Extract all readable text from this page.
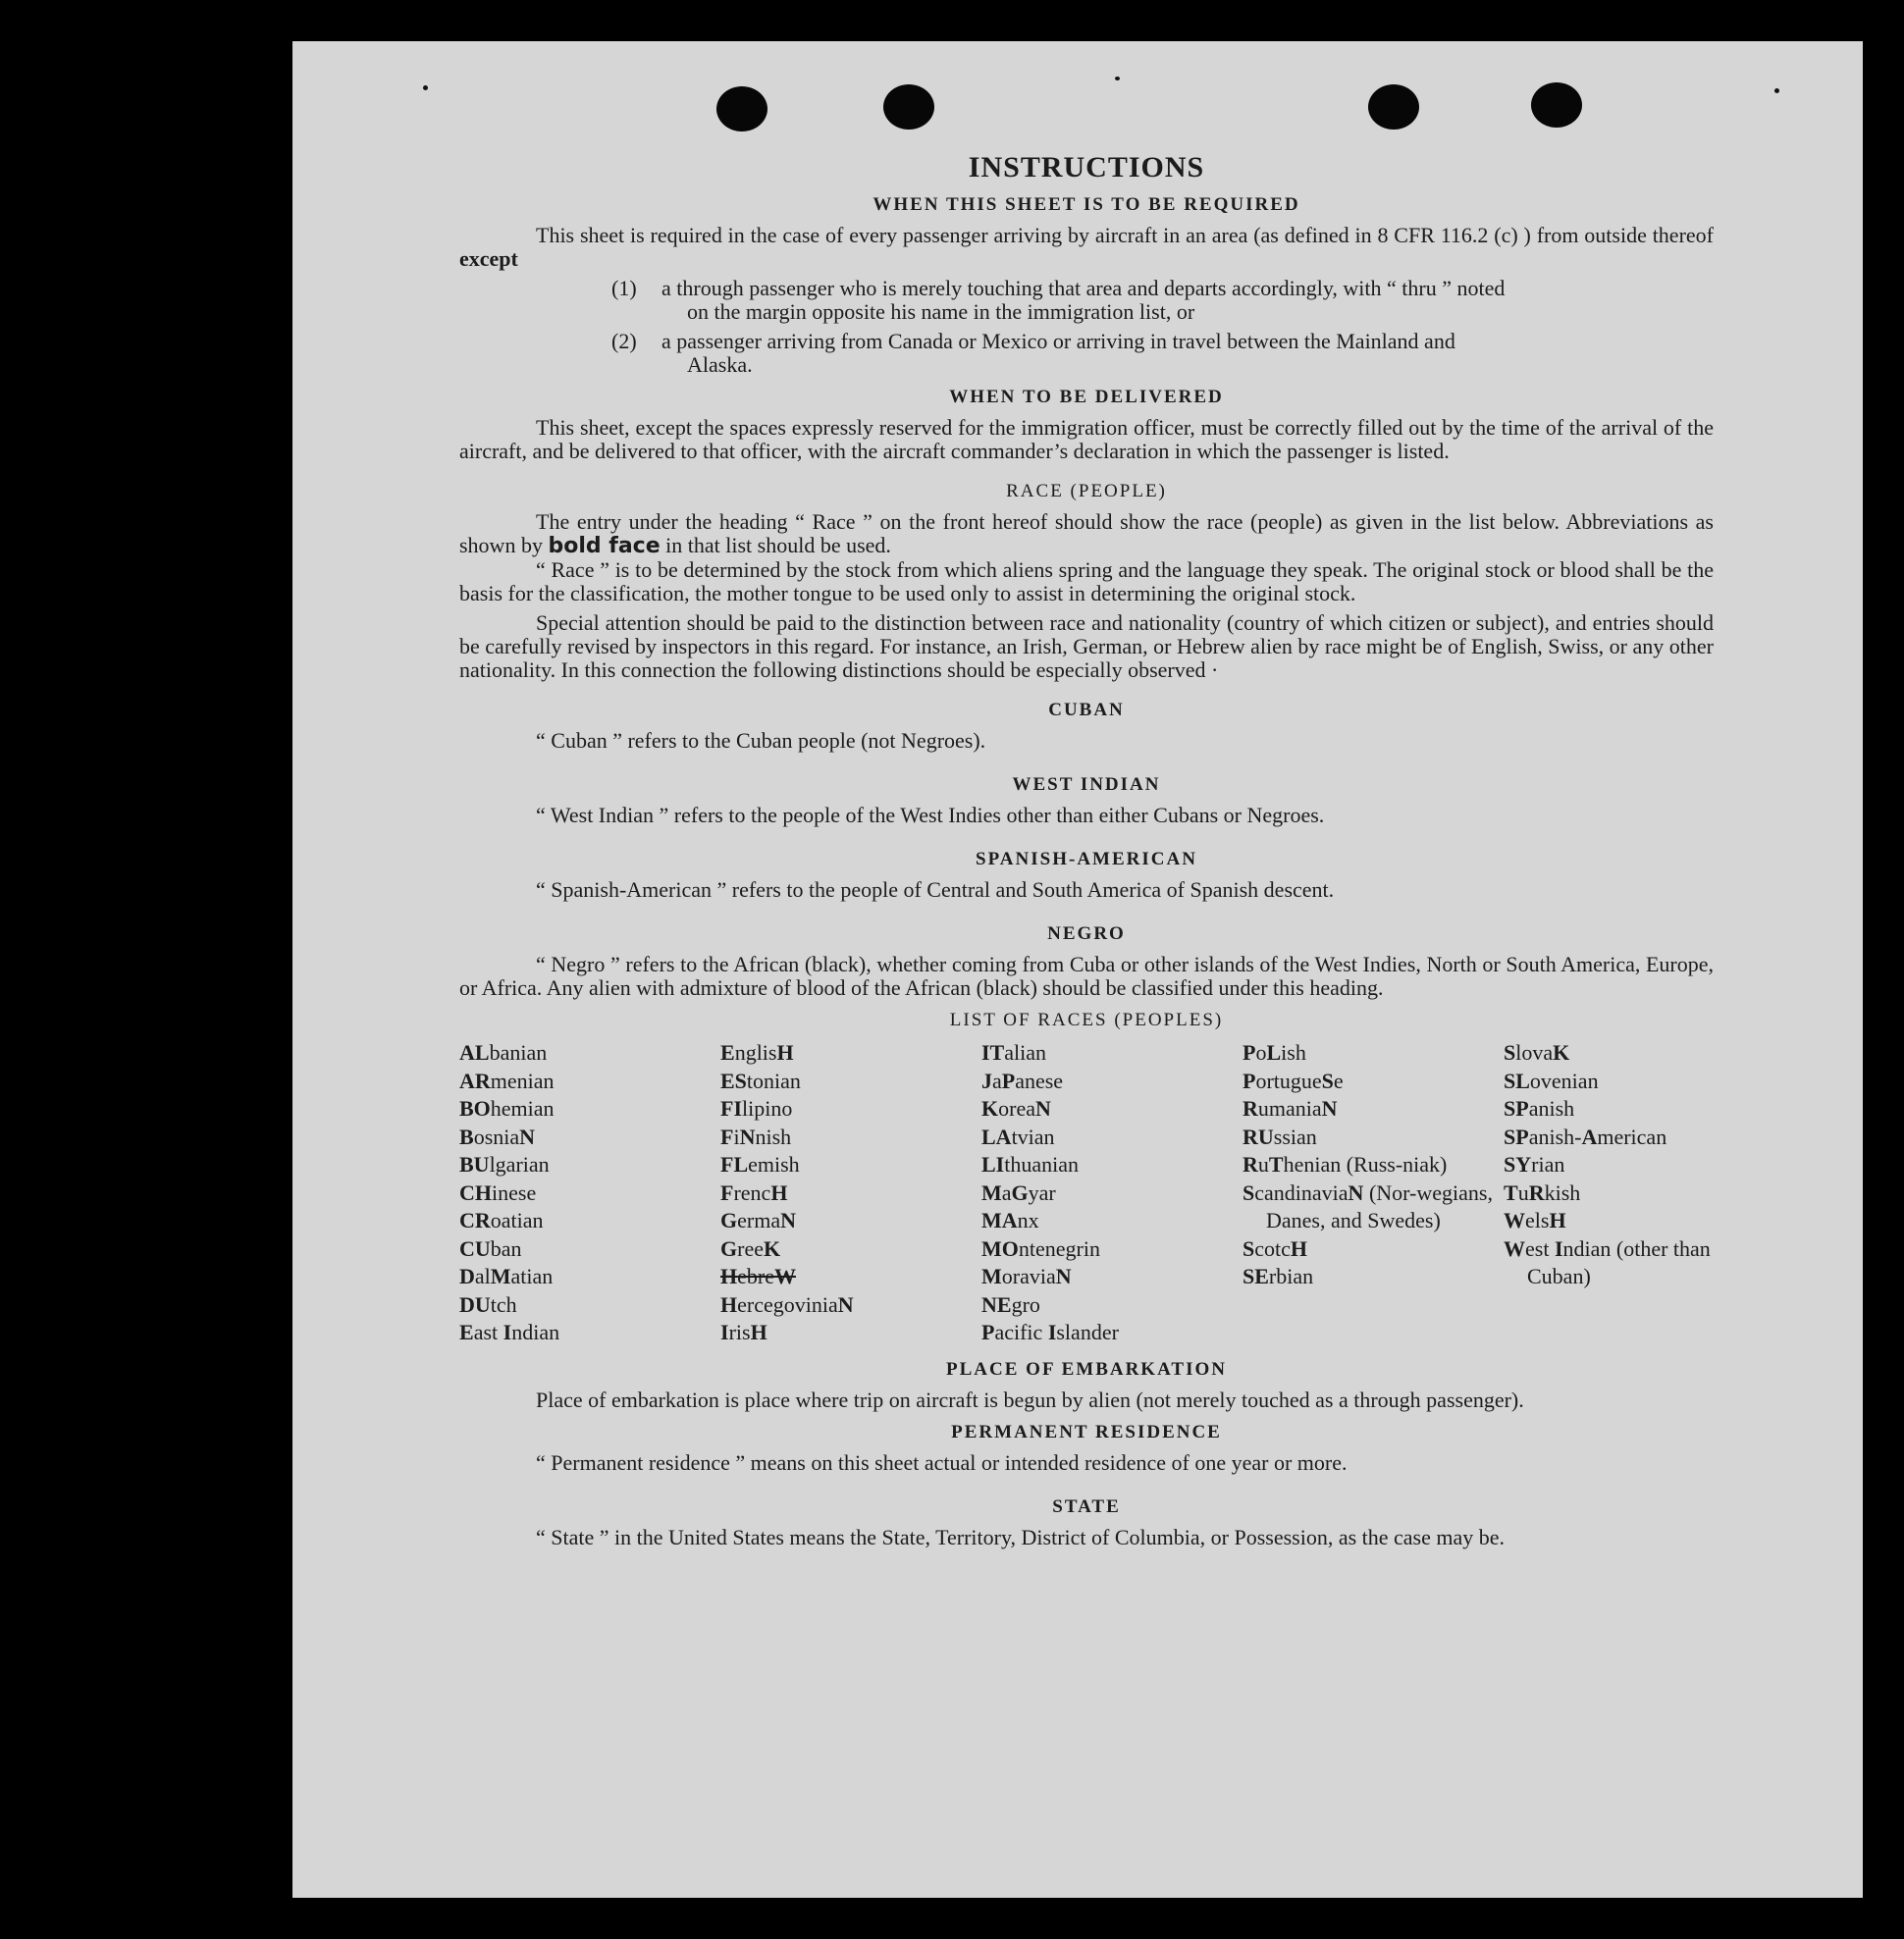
INSTRUCTIONS
WHEN THIS SHEET IS TO BE REQUIRED

This sheet is required in the case of every passenger arriving by aircraft in an area (as defined in 8 CFR 116.2 (c) ) from outside thereof except

(1) a through passenger who is merely touching that area and departs accordingly, with “ thru ” noted
on the margin opposite his name in the immigration list, or
(2) a passenger arriving from Canada or Mexico or arriving in travel between the Mainland and
Alaska.
WHEN TO BE DELIVERED

This sheet, except the spaces expressly reserved for the immigration officer, must be correctly filled out by the time of the arrival of the aircraft, and be delivered to that officer, with the aircraft commander’s declaration in which the passenger is listed.

RACE (PEOPLE)

The entry under the heading “ Race ” on the front hereof should show the race (people) as given in the list below. Abbreviations as shown by bold face in that list should be used.

“ Race ” is to be determined by the stock from which aliens spring and the language they speak. The original stock or blood shall be the basis for the classification, the mother tongue to be used only to assist in determining the original stock.

Special attention should be paid to the distinction between race and nationality (country of which citizen or subject), and entries should be carefully revised by inspectors in this regard. For instance, an Irish, German, or Hebrew alien by race might be of English, Swiss, or any other nationality. In this connection the following distinctions should be especially observed ·

CUBAN

“ Cuban ” refers to the Cuban people (not Negroes).

WEST INDIAN

“ West Indian ” refers to the people of the West Indies other than either Cubans or Negroes.

SPANISH-AMERICAN

“ Spanish-American ” refers to the people of Central and South America of Spanish descent.

NEGRO

“ Negro ” refers to the African (black), whether coming from Cuba or other islands of the West Indies, North or South America, Europe, or Africa. Any alien with admixture of blood of the African (black) should be classified under this heading.

LIST OF RACES (PEOPLES)
ALbanian
ARmenian
BOhemian
BosniaN
BUlgarian
CHinese
CRoatian
CUban
DalMatian
DUtch
East Indian
EnglisH
EStonian
FIlipino
FiNnish
FLemish
FrencH
GermaN
GreeK
HebreW
HercegoviniaN
IrisH
ITalian
JaPanese
KoreaN
LAtvian
LIthuanian
MaGyar
MAnx
MOntenegrin
MoraviaN
NEgro
Pacific Islander
PoLish
PortugueSe
RumaniaN
RUssian
RuThenian (Russ-niak)
ScandinaviaN (Nor-wegians, Danes, and Swedes)
ScotcH
SErbian
SlovaK
SLovenian
SPanish
SPanish-American
SYrian
TuRkish
WelsH
West Indian (other than Cuban)
PLACE OF EMBARKATION

Place of embarkation is place where trip on aircraft is begun by alien (not merely touched as a through passenger).

PERMANENT RESIDENCE

“ Permanent residence ” means on this sheet actual or intended residence of one year or more.

STATE

“ State ” in the United States means the State, Territory, District of Columbia, or Possession, as the case may be.
